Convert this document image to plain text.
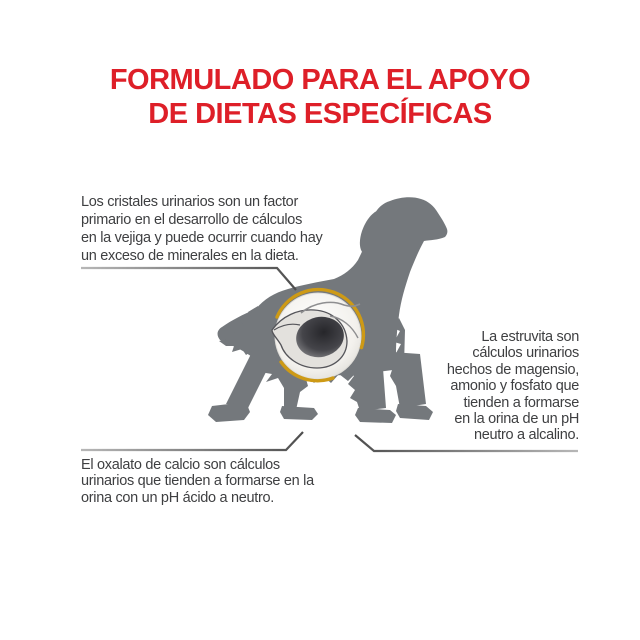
FORMULADO PARA EL APOYO
DE DIETAS ESPECÍFICAS
Los cristales urinarios son un factor
primario en el desarrollo de cálculos
en la vejiga y puede ocurrir cuando hay
un exceso de minerales en la dieta.
La estruvita son
cálculos urinarios
hechos de magensio,
amonio y fosfato que
tienden a formarse
en la orina de un pH
neutro a alcalino.
El oxalato de calcio son cálculos
urinarios que tienden a formarse en la
orina con un pH ácido a neutro.
